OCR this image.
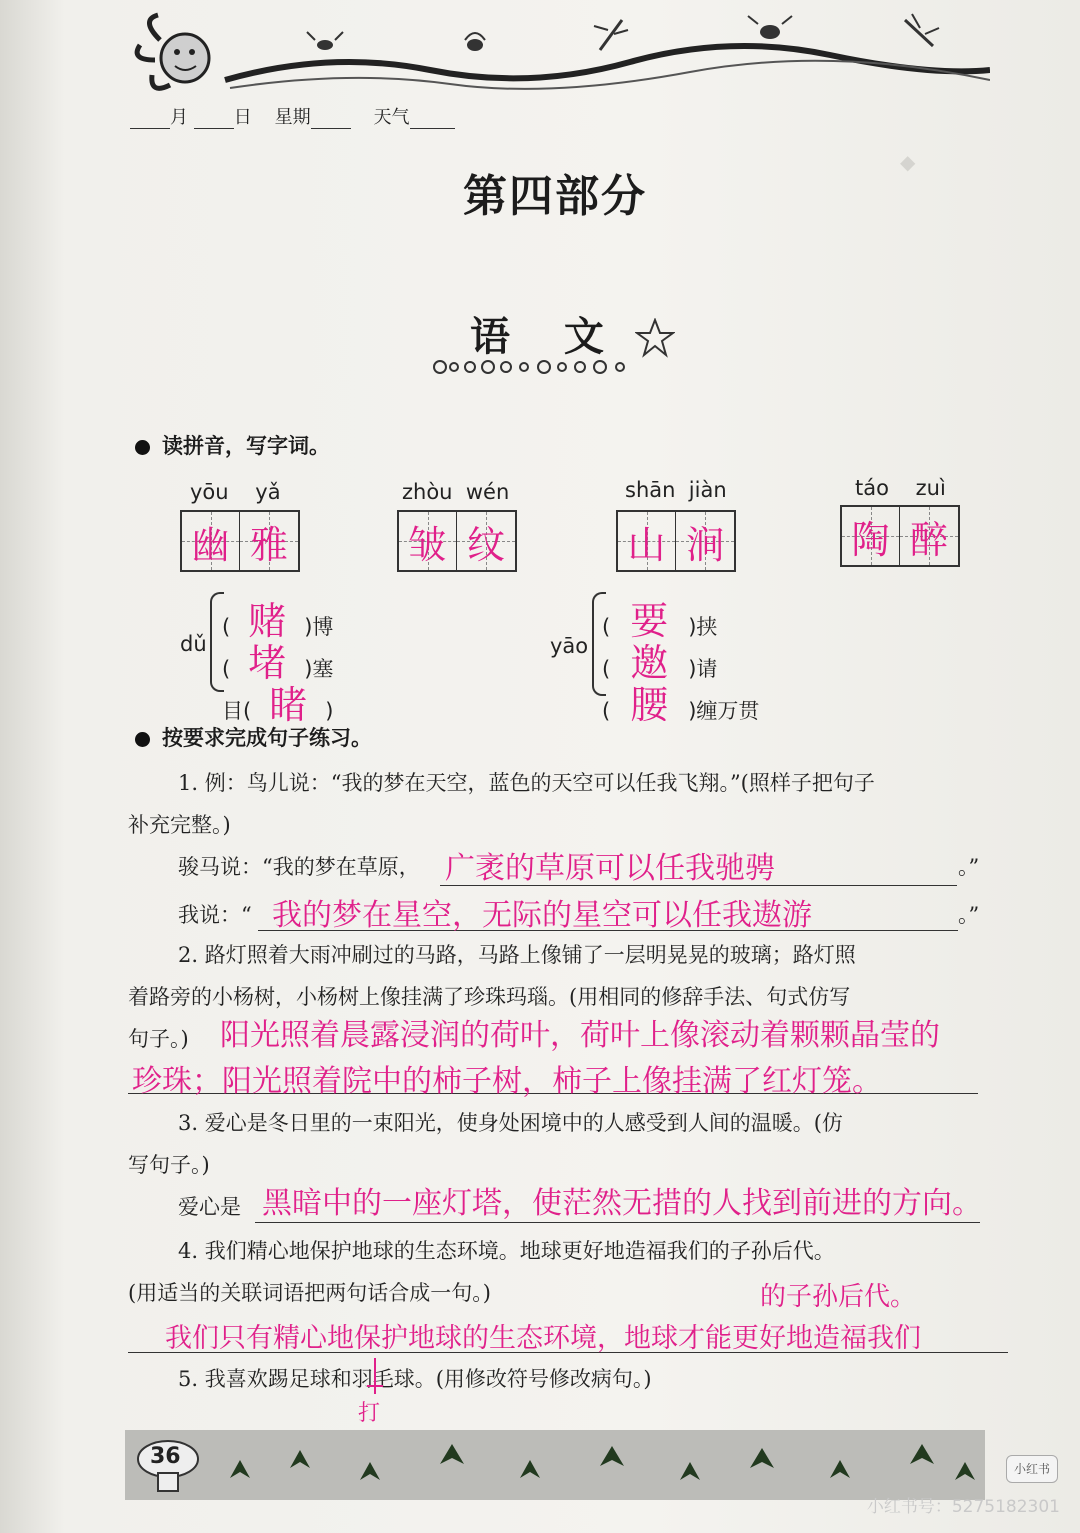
◆
月	日 星期	天气
第四部分
语 文
读拼音，写字词。
yōu yǎ
幽 雅
zhòu wén
皱 纹
shān jiàn
山 涧
táo zuì
陶 醉
dǔ
( 赌 )博
( 堵 )塞
目( 睹 )
yāo
( 要 )挟
( 邀 )请
( 腰 )缠万贯
按要求完成句子练习。
1. 例：鸟儿说：“我的梦在天空，蓝色的天空可以任我飞翔。”(照样子把句子
补充完整。)
骏马说：“我的梦在草原， 广袤的草原可以任我驰骋	。”
我说：“ 我的梦在星空，无际的星空可以任我遨游	。”
2. 路灯照着大雨冲刷过的马路，马路上像铺了一层明晃晃的玻璃；路灯照
着路旁的小杨树，小杨树上像挂满了珍珠玛瑙。(用相同的修辞手法、句式仿写
句子。) 阳光照着晨露浸润的荷叶，荷叶上像滚动着颗颗晶莹的
珍珠；阳光照着院中的柿子树，柿子上像挂满了红灯笼。
3. 爱心是冬日里的一束阳光，使身处困境中的人感受到人间的温暖。(仿
写句子。)
爱心是 黑暗中的一座灯塔，使茫然无措的人找到前进的方向。
4. 我们精心地保护地球的生态环境。地球更好地造福我们的子孙后代。
(用适当的关联词语把两句话合成一句。)	的子孙后代。
我们只有精心地保护地球的生态环境，地球才能更好地造福我们
5. 我喜欢踢足球和羽毛球。(用修改符号修改病句。)
打
36	小红书
小红书号：5275182301
